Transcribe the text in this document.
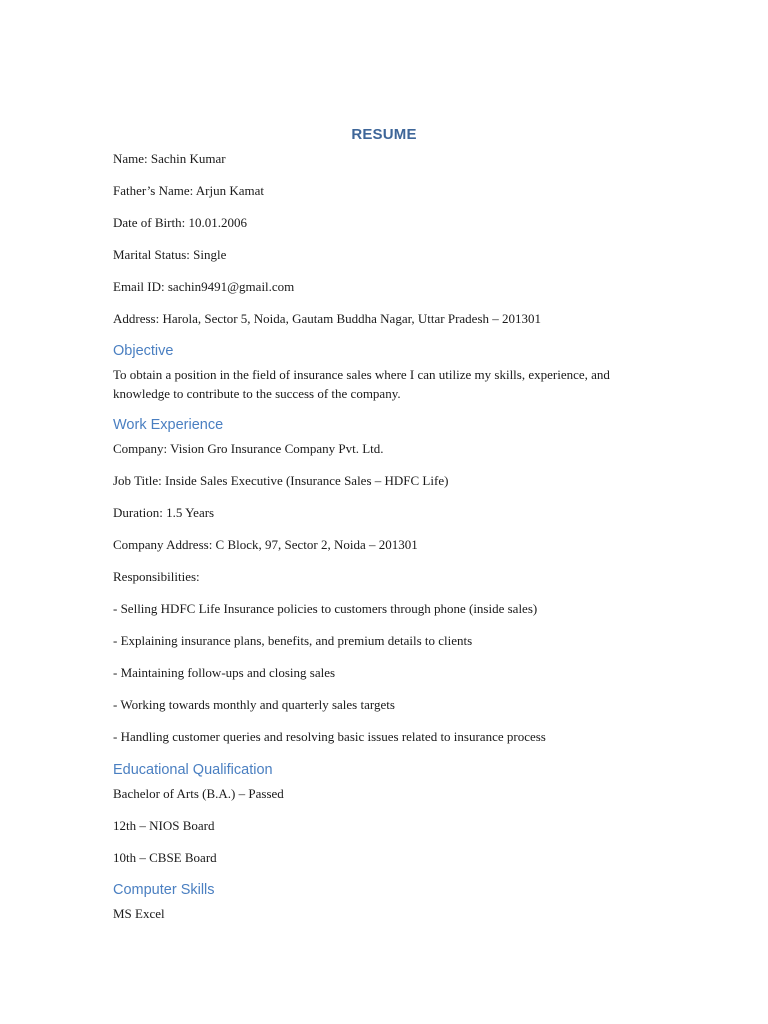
RESUME
Name: Sachin Kumar
Father’s Name: Arjun Kamat
Date of Birth: 10.01.2006
Marital Status: Single
Email ID: sachin9491@gmail.com
Address: Harola, Sector 5, Noida, Gautam Buddha Nagar, Uttar Pradesh – 201301
Objective
To obtain a position in the field of insurance sales where I can utilize my skills, experience, and knowledge to contribute to the success of the company.
Work Experience
Company: Vision Gro Insurance Company Pvt. Ltd.
Job Title: Inside Sales Executive (Insurance Sales – HDFC Life)
Duration: 1.5 Years
Company Address: C Block, 97, Sector 2, Noida – 201301
Responsibilities:
- Selling HDFC Life Insurance policies to customers through phone (inside sales)
- Explaining insurance plans, benefits, and premium details to clients
- Maintaining follow-ups and closing sales
- Working towards monthly and quarterly sales targets
- Handling customer queries and resolving basic issues related to insurance process
Educational Qualification
Bachelor of Arts (B.A.) – Passed
12th – NIOS Board
10th – CBSE Board
Computer Skills
MS Excel
